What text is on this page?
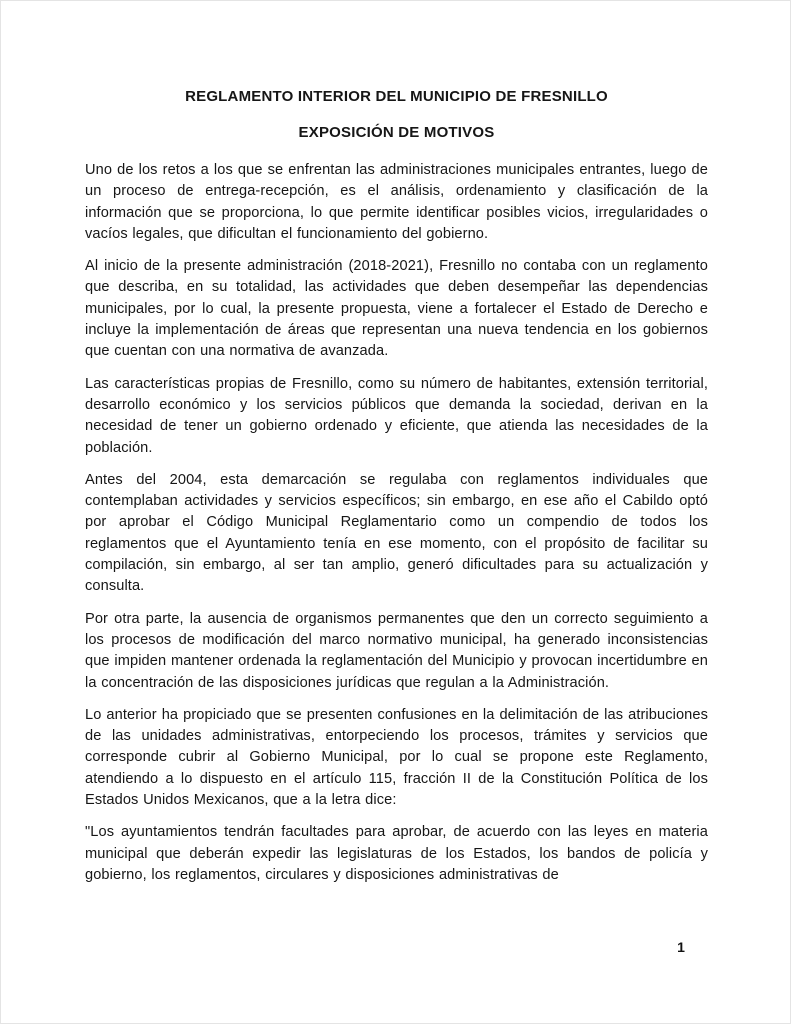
REGLAMENTO INTERIOR DEL MUNICIPIO DE FRESNILLO
EXPOSICIÓN DE MOTIVOS

Uno de los retos a los que se enfrentan las administraciones municipales entrantes, luego de un proceso de entrega-recepción, es el análisis, ordenamiento y clasificación de la información que se proporciona, lo que permite identificar posibles vicios, irregularidades o vacíos legales, que dificultan el funcionamiento del gobierno.

Al inicio de la presente administración (2018-2021), Fresnillo no contaba con un reglamento que describa, en su totalidad, las actividades que deben desempeñar las dependencias municipales, por lo cual, la presente propuesta, viene a fortalecer el Estado de Derecho e incluye la implementación de áreas que representan una nueva tendencia en los gobiernos que cuentan con una normativa de avanzada.

Las características propias de Fresnillo, como su número de habitantes, extensión territorial, desarrollo económico y los servicios públicos que demanda la sociedad, derivan en la necesidad de tener un gobierno ordenado y eficiente, que atienda las necesidades de la población.

Antes del 2004, esta demarcación se regulaba con reglamentos individuales que contemplaban actividades y servicios específicos; sin embargo, en ese año el Cabildo optó por aprobar el Código Municipal Reglamentario como un compendio de todos los reglamentos que el Ayuntamiento tenía en ese momento, con el propósito de facilitar su compilación, sin embargo, al ser tan amplio, generó dificultades para su actualización y consulta.

Por otra parte, la ausencia de organismos permanentes que den un correcto seguimiento a los procesos de modificación del marco normativo municipal, ha generado inconsistencias que impiden mantener ordenada la reglamentación del Municipio y provocan incertidumbre en la concentración de las disposiciones jurídicas que regulan a la Administración.

Lo anterior ha propiciado que se presenten confusiones en la delimitación de las atribuciones de las unidades administrativas, entorpeciendo los procesos, trámites y servicios que corresponde cubrir al Gobierno Municipal, por lo cual se propone este Reglamento, atendiendo a lo dispuesto en el artículo 115, fracción II de la Constitución Política de los Estados Unidos Mexicanos, que a la letra dice:

"Los ayuntamientos tendrán facultades para aprobar, de acuerdo con las leyes en materia municipal que deberán expedir las legislaturas de los Estados, los bandos de policía y gobierno, los reglamentos, circulares y disposiciones administrativas de

1
